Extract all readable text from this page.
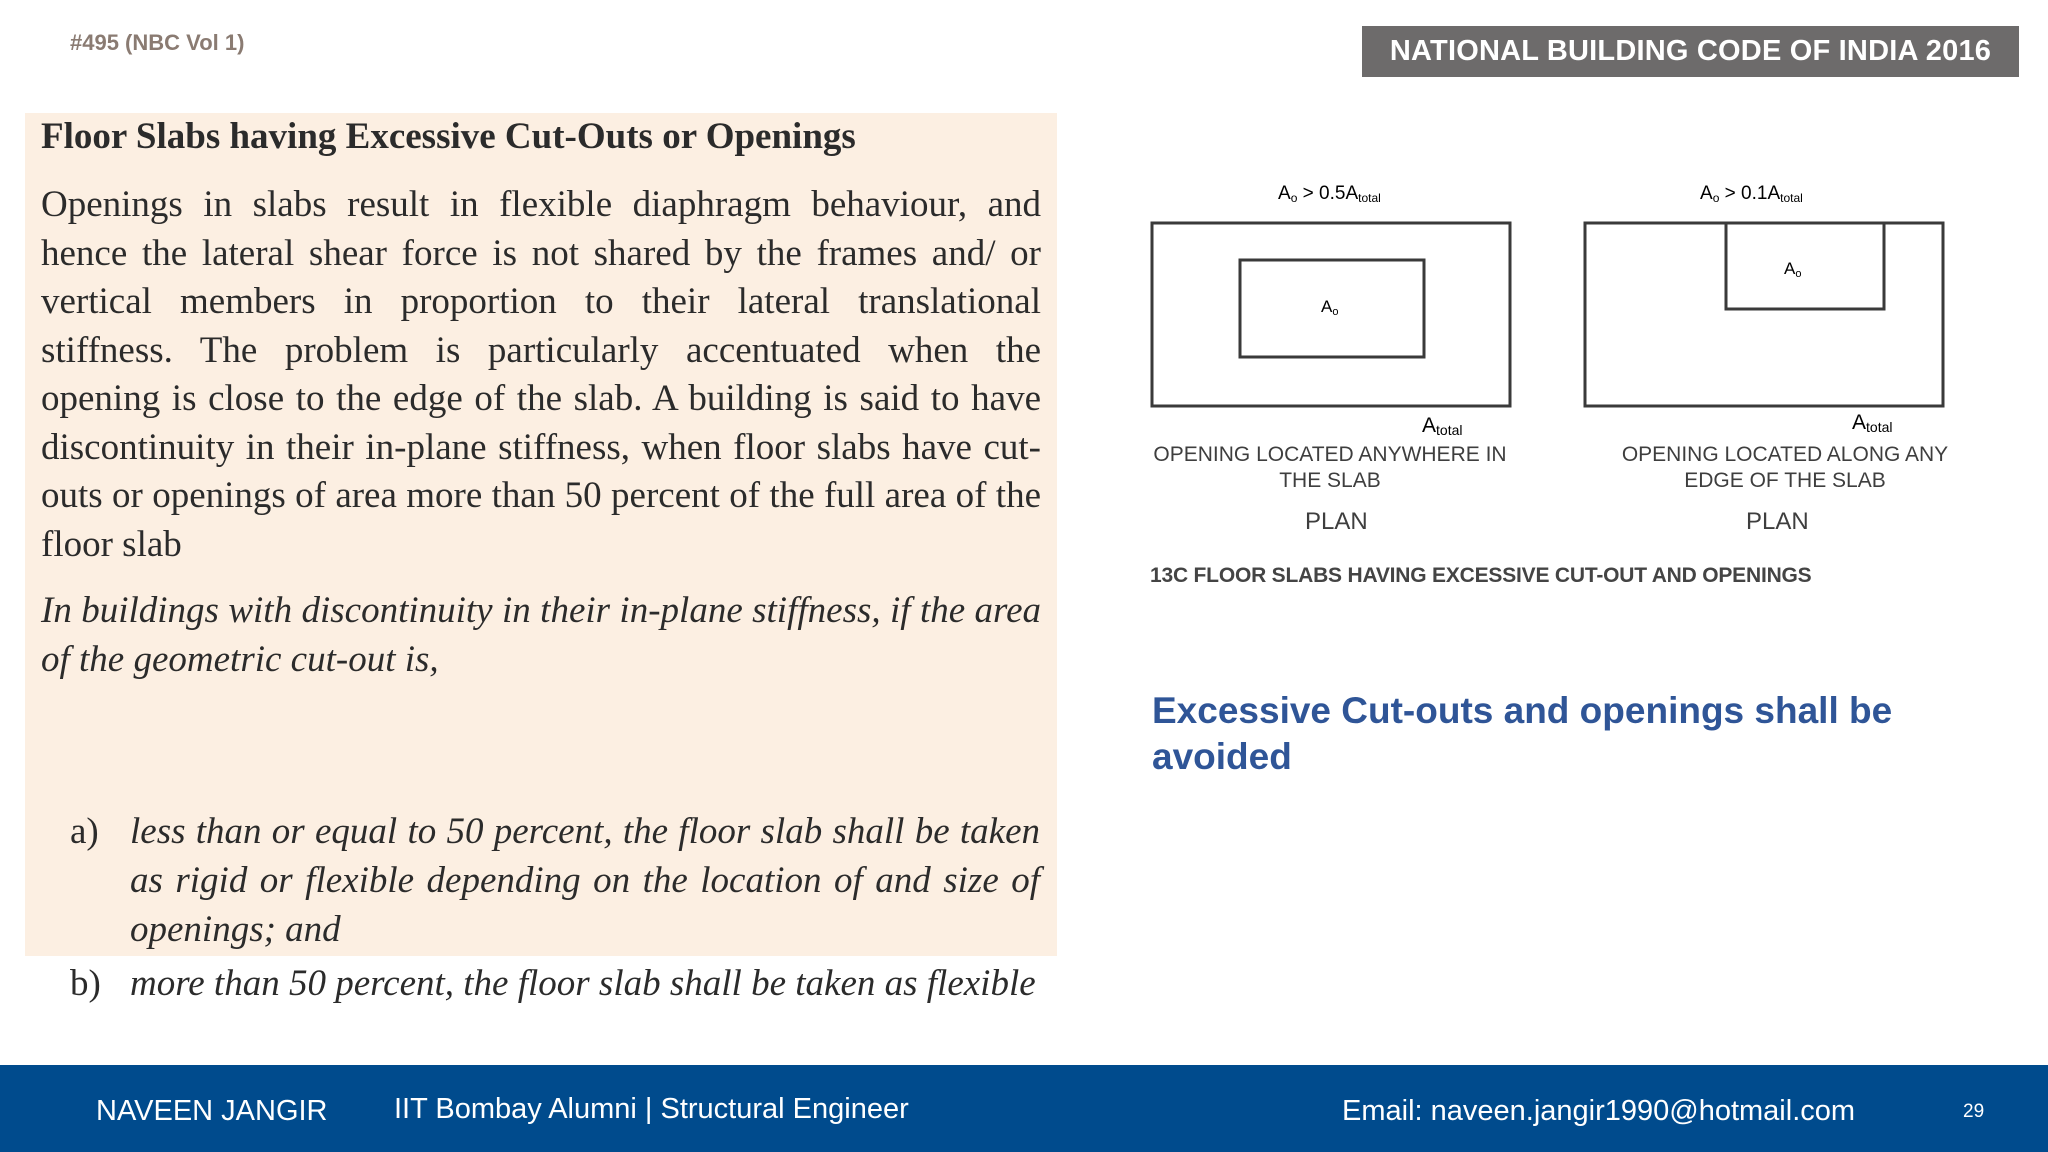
#495 (NBC Vol 1)	NATIONAL BUILDING CODE OF INDIA 2016
Floor Slabs having Excessive Cut-Outs or Openings
Openings in slabs result in flexible diaphragm behaviour, and hence the lateral shear force is not shared by the frames and/ or vertical members in proportion to their lateral translational stiffness. The problem is particularly accentuated when the opening is close to the edge of the slab. A building is said to have discontinuity in their in-plane stiffness, when floor slabs have cut-outs or openings of area more than 50 percent of the full area of the floor slab
In buildings with discontinuity in their in-plane stiffness, if the area of the geometric cut-out is,
a) less than or equal to 50 percent, the floor slab shall be taken as rigid or flexible depending on the location of and size of openings; and
b) more than 50 percent, the floor slab shall be taken as flexible
Ao > 0.5Atotal
Ao
Atotal
Ao > 0.1Atotal
Ao
Atotal
OPENING LOCATED ANYWHERE IN THE SLAB
OPENING LOCATED ALONG ANY EDGE OF THE SLAB
PLAN	PLAN
13C FLOOR SLABS HAVING EXCESSIVE CUT-OUT AND OPENINGS
Excessive Cut-outs and openings shall be avoided
NAVEEN JANGIR IIT Bombay Alumni | Structural Engineer	Email: naveen.jangir1990@hotmail.com	29
